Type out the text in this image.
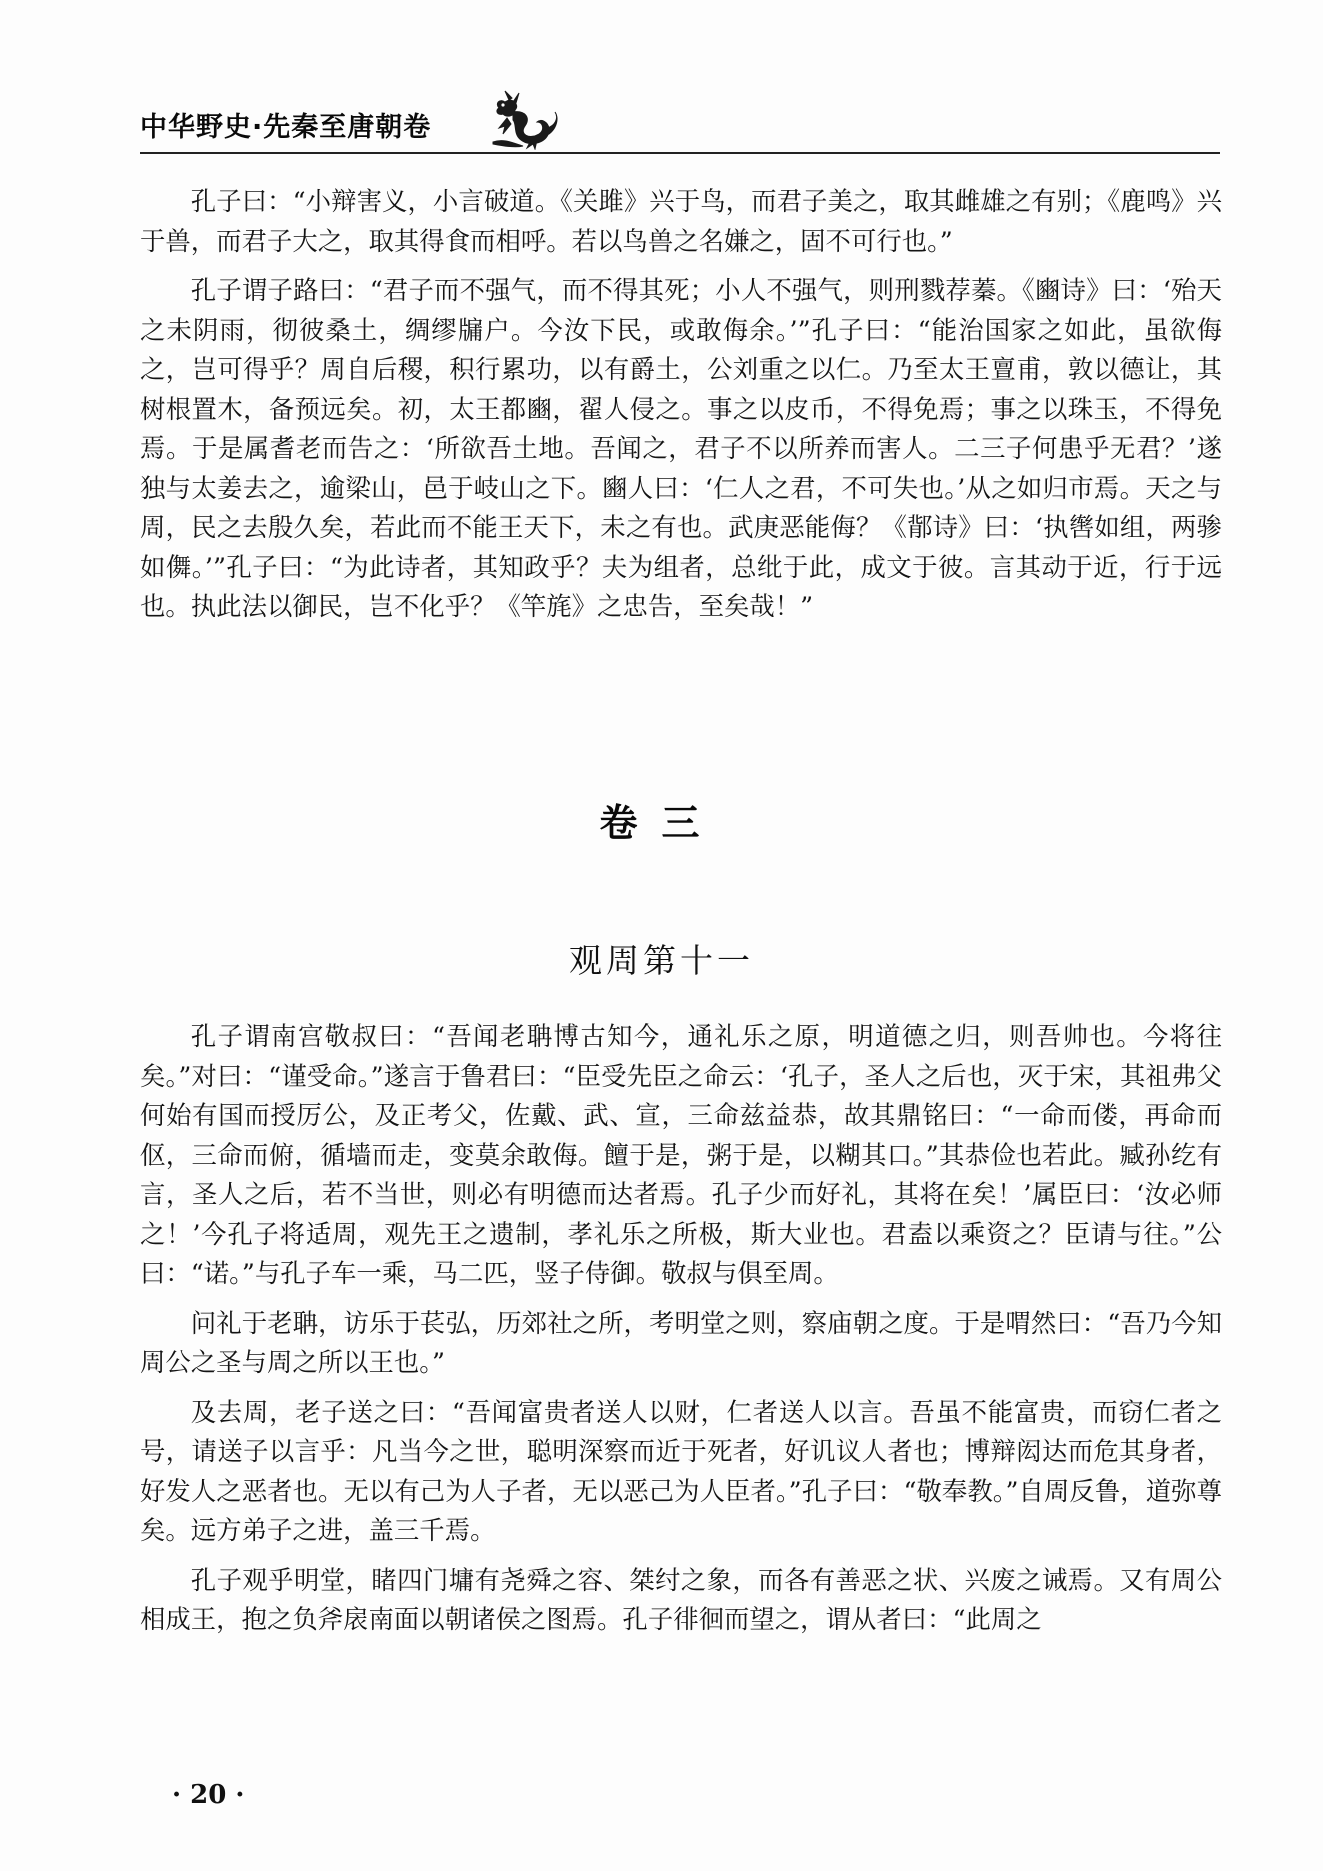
中华野史·先秦至唐朝卷

孔子曰：“小辩害义，小言破道。《关雎》兴于鸟，而君子美之，取其雌雄之有别；《鹿鸣》兴于兽，而君子大之，取其得食而相呼。若以鸟兽之名嫌之，固不可行也。”

孔子谓子路曰：“君子而不强气，而不得其死；小人不强气，则刑戮荐蓁。《豳诗》曰：‘殆天之未阴雨，彻彼桑土，绸缪牖户。今汝下民，或敢侮余。’”孔子曰：“能治国家之如此，虽欲侮之，岂可得乎？周自后稷，积行累功，以有爵土，公刘重之以仁。乃至太王亶甫，敦以德让，其树根置木，备预远矣。初，太王都豳，翟人侵之。事之以皮币，不得免焉；事之以珠玉，不得免焉。于是属耆老而告之：‘所欲吾土地。吾闻之，君子不以所养而害人。二三子何患乎无君？’遂独与太姜去之，逾梁山，邑于岐山之下。豳人曰：‘仁人之君，不可失也。’从之如归市焉。天之与周，民之去殷久矣，若此而不能王天下，未之有也。武庚恶能侮？《鄁诗》曰：‘执辔如组，两骖如儛。’”孔子曰：“为此诗者，其知政乎？夫为组者，总纰于此，成文于彼。言其动于近，行于远也。执此法以御民，岂不化乎？《竿旄》之忠告，至矣哉！”

卷三
观周第十一

孔子谓南宫敬叔曰：“吾闻老聃博古知今，通礼乐之原，明道德之归，则吾帅也。今将往矣。”对曰：“谨受命。”遂言于鲁君曰：“臣受先臣之命云：‘孔子，圣人之后也，灭于宋，其祖弗父何始有国而授厉公，及正考父，佐戴、武、宣，三命兹益恭，故其鼎铭曰：“一命而偻，再命而伛，三命而俯，循墙而走，变莫余敢侮。饘于是，粥于是，以糊其口。”其恭俭也若此。臧孙纥有言，圣人之后，若不当世，则必有明德而达者焉。孔子少而好礼，其将在矣！’属臣曰：‘汝必师之！’今孔子将适周，观先王之遗制，孝礼乐之所极，斯大业也。君盍以乘资之？臣请与往。”公曰：“诺。”与孔子车一乘，马二匹，竖子侍御。敬叔与俱至周。

问礼于老聃，访乐于苌弘，历郊社之所，考明堂之则，察庙朝之度。于是喟然曰：“吾乃今知周公之圣与周之所以王也。”

及去周，老子送之曰：“吾闻富贵者送人以财，仁者送人以言。吾虽不能富贵，而窃仁者之号，请送子以言乎：凡当今之世，聪明深察而近于死者，好讥议人者也；博辩闳达而危其身者，好发人之恶者也。无以有己为人子者，无以恶己为人臣者。”孔子曰：“敬奉教。”自周反鲁，道弥尊矣。远方弟子之进，盖三千焉。

孔子观乎明堂，睹四门墉有尧舜之容、桀纣之象，而各有善恶之状、兴废之诫焉。又有周公相成王，抱之负斧扆南面以朝诸侯之图焉。孔子徘徊而望之，谓从者曰：“此周之

· 20 ·
